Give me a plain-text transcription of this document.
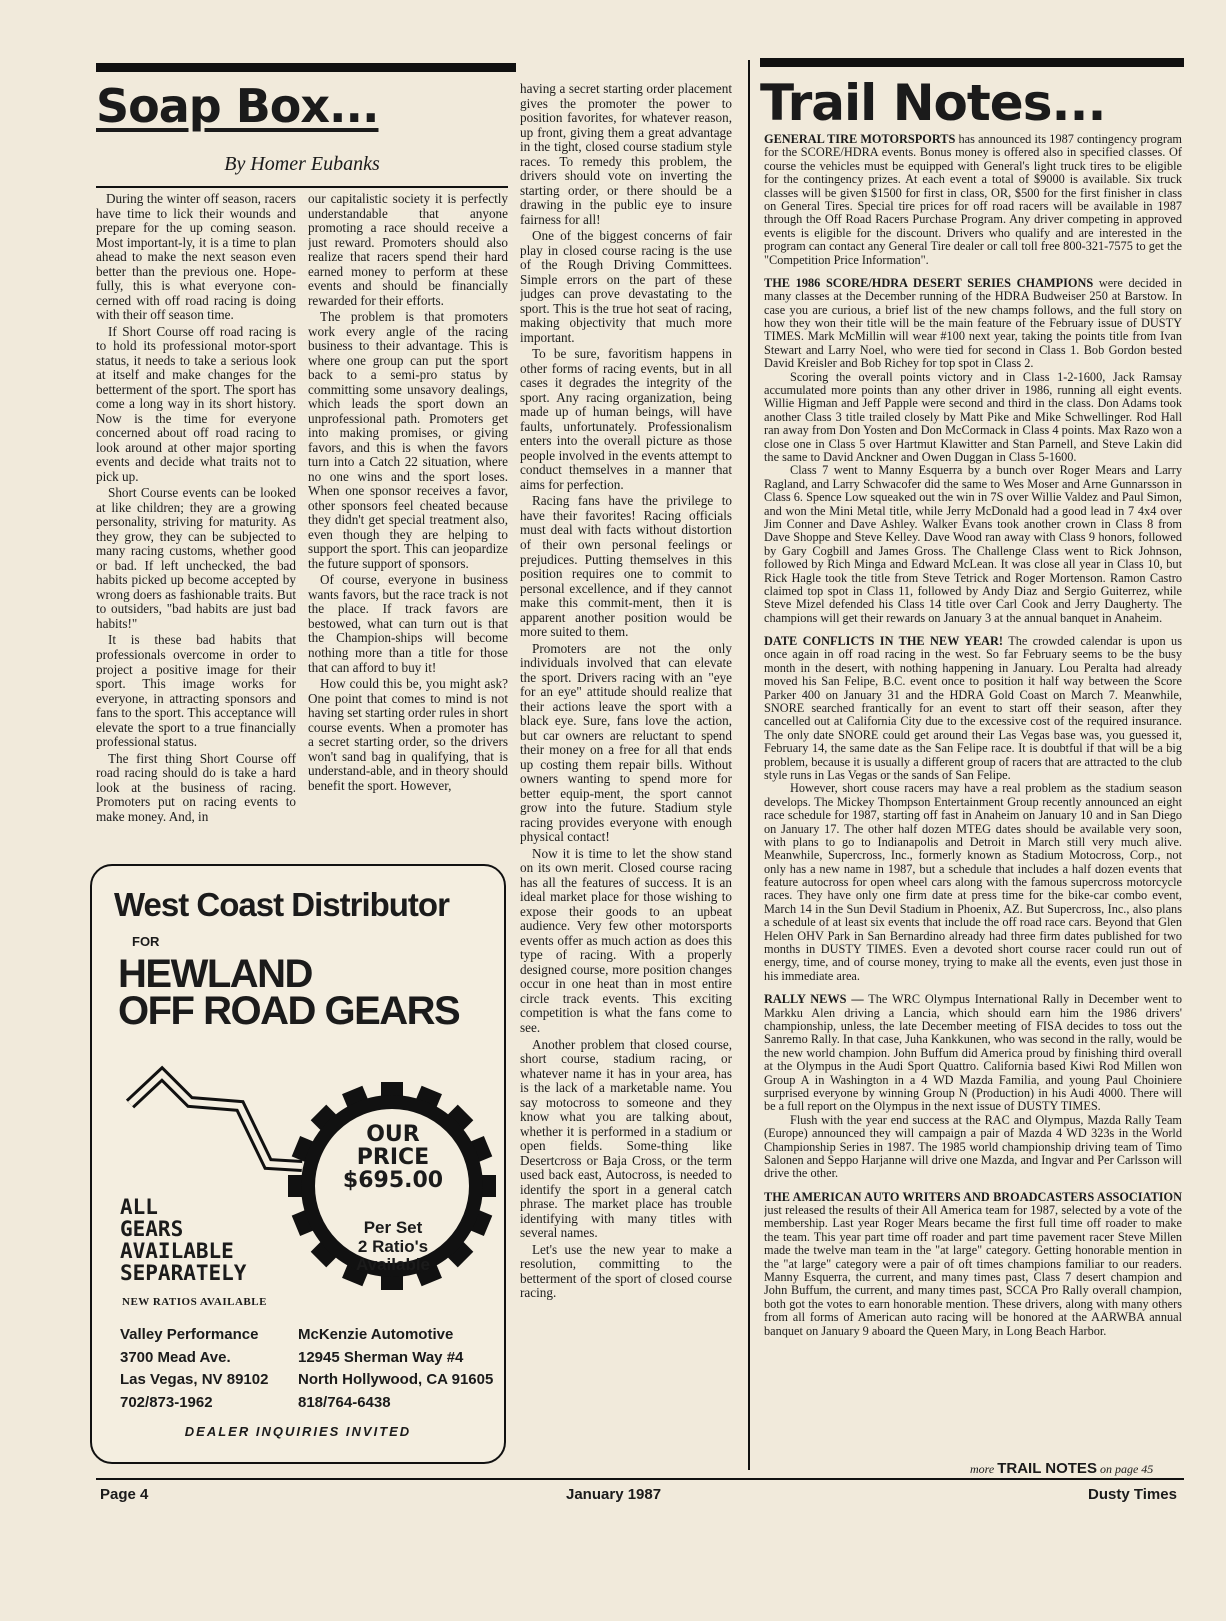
Soap Box...
By Homer Eubanks

During the winter off season, racers have time to lick their wounds and prepare for the up coming season. Most important-ly, it is a time to plan ahead to make the next season even better than the previous one. Hope-fully, this is what everyone con-cerned with off road racing is doing with their off season time.

If Short Course off road racing is to hold its professional motor-sport status, it needs to take a serious look at itself and make changes for the betterment of the sport. The sport has come a long way in its short history. Now is the time for everyone concerned about off road racing to look around at other major sporting events and decide what traits not to pick up.

Short Course events can be looked at like children; they are a growing personality, striving for maturity. As they grow, they can be subjected to many racing customs, whether good or bad. If left unchecked, the bad habits picked up become accepted by wrong doers as fashionable traits. But to outsiders, "bad habits are just bad habits!"

It is these bad habits that professionals overcome in order to project a positive image for their sport. This image works for everyone, in attracting sponsors and fans to the sport. This acceptance will elevate the sport to a true financially professional status.

The first thing Short Course off road racing should do is take a hard look at the business of racing. Promoters put on racing events to make money. And, in

our capitalistic society it is perfectly understandable that anyone promoting a race should receive a just reward. Promoters should also realize that racers spend their hard earned money to perform at these events and should be financially rewarded for their efforts.

The problem is that promoters work every angle of the racing business to their advantage. This is where one group can put the sport back to a semi-pro status by committing some unsavory dealings, which leads the sport down an unprofessional path. Promoters get into making promises, or giving favors, and this is when the favors turn into a Catch 22 situation, where no one wins and the sport loses. When one sponsor receives a favor, other sponsors feel cheated because they didn't get special treatment also, even though they are helping to support the sport. This can jeopardize the future support of sponsors.

Of course, everyone in business wants favors, but the race track is not the place. If track favors are bestowed, what can turn out is that the Champion-ships will become nothing more than a title for those that can afford to buy it!

How could this be, you might ask? One point that comes to mind is not having set starting order rules in short course events. When a promoter has a secret starting order, so the drivers won't sand bag in qualifying, that is understand-able, and in theory should benefit the sport. However,

having a secret starting order placement gives the promoter the power to position favorites, for whatever reason, up front, giving them a great advantage in the tight, closed course stadium style races. To remedy this problem, the drivers should vote on inverting the starting order, or there should be a drawing in the public eye to insure fairness for all!

One of the biggest concerns of fair play in closed course racing is the use of the Rough Driving Committees. Simple errors on the part of these judges can prove devastating to the sport. This is the true hot seat of racing, making objectivity that much more important.

To be sure, favoritism happens in other forms of racing events, but in all cases it degrades the integrity of the sport. Any racing organization, being made up of human beings, will have faults, unfortunately. Professionalism enters into the overall picture as those people involved in the events attempt to conduct themselves in a manner that aims for perfection.

Racing fans have the privilege to have their favorites! Racing officials must deal with facts without distortion of their own personal feelings or prejudices. Putting themselves in this position requires one to commit to personal excellence, and if they cannot make this commit-ment, then it is apparent another position would be more suited to them.

Promoters are not the only individuals involved that can elevate the sport. Drivers racing with an "eye for an eye" attitude should realize that their actions leave the sport with a black eye. Sure, fans love the action, but car owners are reluctant to spend their money on a free for all that ends up costing them repair bills. Without owners wanting to spend more for better equip-ment, the sport cannot grow into the future. Stadium style racing provides everyone with enough physical contact!

Now it is time to let the show stand on its own merit. Closed course racing has all the features of success. It is an ideal market place for those wishing to expose their goods to an upbeat audience. Very few other motorsports events offer as much action as does this type of racing. With a properly designed course, more position changes occur in one heat than in most entire circle track events. This exciting competition is what the fans come to see.

Another problem that closed course, short course, stadium racing, or whatever name it has in your area, has is the lack of a marketable name. You say motocross to someone and they know what you are talking about, whether it is performed in a stadium or open fields. Some-thing like Desertcross or Baja Cross, or the term used back east, Autocross, is needed to identify the sport in a general catch phrase. The market place has trouble identifying with many titles with several names.

Let's use the new year to make a resolution, committing to the betterment of the sport of closed course racing.

West Coast Distributor
FOR
HEWLAND
OFF ROAD GEARS
OUR
PRICE
$695.00
Per Set
2 Ratio's
Available
ALL
GEARS
AVAILABLE
SEPARATELY
NEW RATIOS AVAILABLE
Valley Performance
3700 Mead Ave.
Las Vegas, NV 89102
702/873-1962
McKenzie Automotive
12945 Sherman Way #4
North Hollywood, CA 91605
818/764-6438
DEALER INQUIRIES INVITED
Trail Notes...

GENERAL TIRE MOTORSPORTS has announced its 1987 contingency program for the SCORE/HDRA events. Bonus money is offered also in specified classes. Of course the vehicles must be equipped with General's light truck tires to be eligible for the contingency prizes. At each event a total of $9000 is available. Six truck classes will be given $1500 for first in class, OR, $500 for the first finisher in class on General Tires. Special tire prices for off road racers will be available in 1987 through the Off Road Racers Purchase Program. Any driver competing in approved events is eligible for the discount. Drivers who qualify and are interested in the program can contact any General Tire dealer or call toll free 800-321-7575 to get the "Competition Price Information".

THE 1986 SCORE/HDRA DESERT SERIES CHAMPIONS were decided in many classes at the December running of the HDRA Budweiser 250 at Barstow. In case you are curious, a brief list of the new champs follows, and the full story on how they won their title will be the main feature of the February issue of DUSTY TIMES. Mark McMillin will wear #100 next year, taking the points title from Ivan Stewart and Larry Noel, who were tied for second in Class 1. Bob Gordon bested David Kreisler and Bob Richey for top spot in Class 2.

Scoring the overall points victory and in Class 1-2-1600, Jack Ramsay accumulated more points than any other driver in 1986, running all eight events. Willie Higman and Jeff Papple were second and third in the class. Don Adams took another Class 3 title trailed closely by Matt Pike and Mike Schwellinger. Rod Hall ran away from Don Yosten and Don McCormack in Class 4 points. Max Razo won a close one in Class 5 over Hartmut Klawitter and Stan Parnell, and Steve Lakin did the same to David Anckner and Owen Duggan in Class 5-1600.

Class 7 went to Manny Esquerra by a bunch over Roger Mears and Larry Ragland, and Larry Schwacofer did the same to Wes Moser and Arne Gunnarsson in Class 6. Spence Low squeaked out the win in 7S over Willie Valdez and Paul Simon, and won the Mini Metal title, while Jerry McDonald had a good lead in 7 4x4 over Jim Conner and Dave Ashley. Walker Evans took another crown in Class 8 from Dave Shoppe and Steve Kelley. Dave Wood ran away with Class 9 honors, followed by Gary Cogbill and James Gross. The Challenge Class went to Rick Johnson, followed by Rich Minga and Edward McLean. It was close all year in Class 10, but Rick Hagle took the title from Steve Tetrick and Roger Mortenson. Ramon Castro claimed top spot in Class 11, followed by Andy Diaz and Sergio Guiterrez, while Steve Mizel defended his Class 14 title over Carl Cook and Jerry Daugherty. The champions will get their rewards on January 3 at the annual banquet in Anaheim.

DATE CONFLICTS IN THE NEW YEAR! The crowded calendar is upon us once again in off road racing in the west. So far February seems to be the busy month in the desert, with nothing happening in January. Lou Peralta had already moved his San Felipe, B.C. event once to position it half way between the Score Parker 400 on January 31 and the HDRA Gold Coast on March 7. Meanwhile, SNORE searched frantically for an event to start off their season, after they cancelled out at California City due to the excessive cost of the required insurance. The only date SNORE could get around their Las Vegas base was, you guessed it, February 14, the same date as the San Felipe race. It is doubtful if that will be a big problem, because it is usually a different group of racers that are attracted to the club style runs in Las Vegas or the sands of San Felipe.

However, short couse racers may have a real problem as the stadium season develops. The Mickey Thompson Entertainment Group recently announced an eight race schedule for 1987, starting off fast in Anaheim on January 10 and in San Diego on January 17. The other half dozen MTEG dates should be available very soon, with plans to go to Indianapolis and Detroit in March still very much alive. Meanwhile, Supercross, Inc., formerly known as Stadium Motocross, Corp., not only has a new name in 1987, but a schedule that includes a half dozen events that feature autocross for open wheel cars along with the famous supercross motorcycle races. They have only one firm date at press time for the bike-car combo event, March 14 in the Sun Devil Stadium in Phoenix, AZ. But Supercross, Inc., also plans a schedule of at least six events that include the off road race cars. Beyond that Glen Helen OHV Park in San Bernardino already had three firm dates published for two months in DUSTY TIMES. Even a devoted short course racer could run out of energy, time, and of course money, trying to make all the events, even just those in his immediate area.

RALLY NEWS — The WRC Olympus International Rally in December went to Markku Alen driving a Lancia, which should earn him the 1986 drivers' championship, unless, the late December meeting of FISA decides to toss out the Sanremo Rally. In that case, Juha Kankkunen, who was second in the rally, would be the new world champion. John Buffum did America proud by finishing third overall at the Olympus in the Audi Sport Quattro. California based Kiwi Rod Millen won Group A in Washington in a 4 WD Mazda Familia, and young Paul Choiniere surprised everyone by winning Group N (Production) in his Audi 4000. There will be a full report on the Olympus in the next issue of DUSTY TIMES.

Flush with the year end success at the RAC and Olympus, Mazda Rally Team (Europe) announced they will campaign a pair of Mazda 4 WD 323s in the World Championship Series in 1987. The 1985 world championship driving team of Timo Salonen and Seppo Harjanne will drive one Mazda, and Ingvar and Per Carlsson will drive the other.

THE AMERICAN AUTO WRITERS AND BROADCASTERS ASSOCIATION just released the results of their All America team for 1987, selected by a vote of the membership. Last year Roger Mears became the first full time off roader to make the team. This year part time off roader and part time pavement racer Steve Millen made the twelve man team in the "at large" category. Getting honorable mention in the "at large" category were a pair of oft times champions familiar to our readers. Manny Esquerra, the current, and many times past, Class 7 desert champion and John Buffum, the current, and many times past, SCCA Pro Rally overall champion, both got the votes to earn honorable mention. These drivers, along with many others from all forms of American auto racing will be honored at the AARWBA annual banquet on January 9 aboard the Queen Mary, in Long Beach Harbor.

more TRAIL NOTES on page 45
Page 4	January 1987	Dusty Times
